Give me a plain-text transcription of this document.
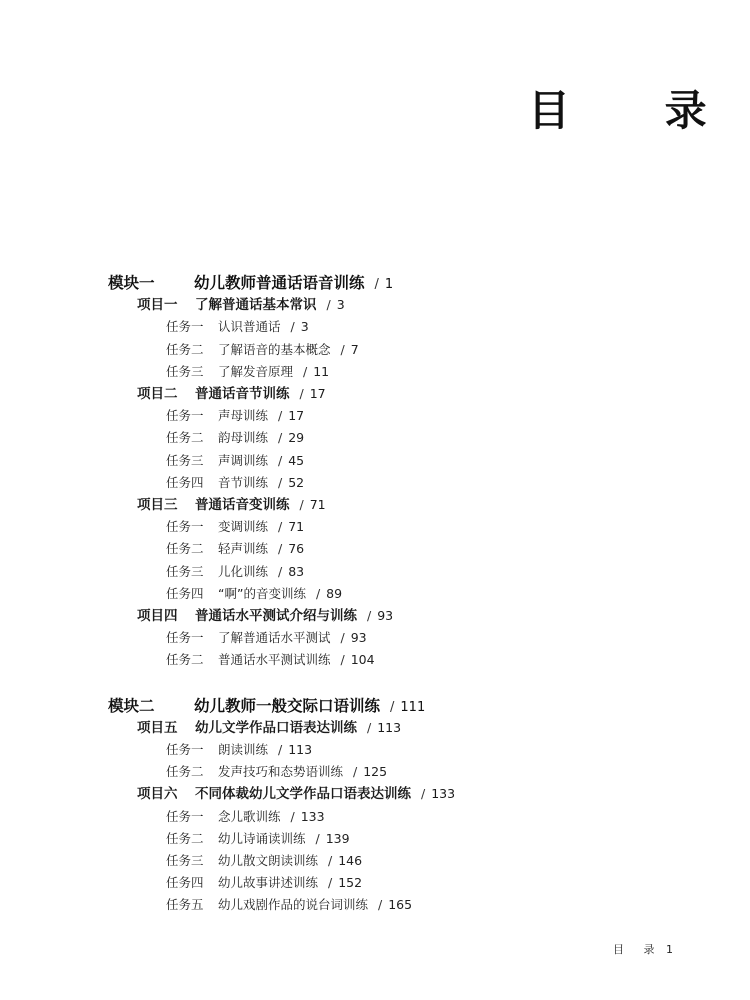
目 录
模块一	幼儿教师普通话语音训练 / 1
项目一 了解普通话基本常识 / 3
任务一 认识普通话 / 3
任务二 了解语音的基本概念 / 7
任务三 了解发音原理 / 11
项目二 普通话音节训练 / 17
任务一 声母训练 / 17
任务二 韵母训练 / 29
任务三 声调训练 / 45
任务四 音节训练 / 52
项目三 普通话音变训练 / 71
任务一 变调训练 / 71
任务二 轻声训练 / 76
任务三 儿化训练 / 83
任务四 “啊”的音变训练 / 89
项目四 普通话水平测试介绍与训练 / 93
任务一 了解普通话水平测试 / 93
任务二 普通话水平测试训练 / 104
模块二	幼儿教师一般交际口语训练 / 111
项目五 幼儿文学作品口语表达训练 / 113
任务一 朗读训练 / 113
任务二 发声技巧和态势语训练 / 125
项目六 不同体裁幼儿文学作品口语表达训练 / 133
任务一 念儿歌训练 / 133
任务二 幼儿诗诵读训练 / 139
任务三 幼儿散文朗读训练 / 146
任务四 幼儿故事讲述训练 / 152
任务五 幼儿戏剧作品的说台词训练 / 165
目 录 1
